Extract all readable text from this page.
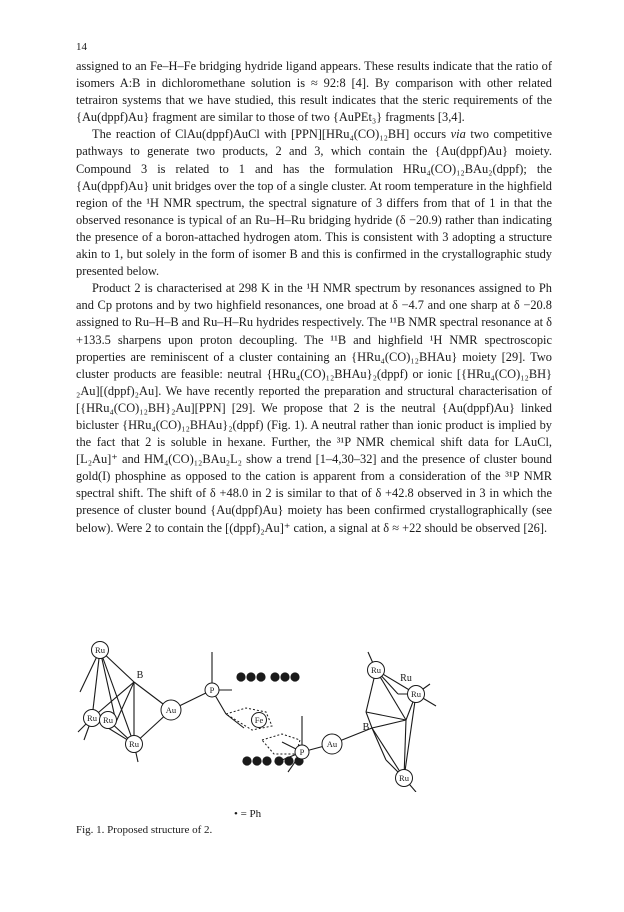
14

assigned to an Fe–H–Fe bridging hydride ligand appears. These results indicate that the ratio of isomers A:B in dichloromethane solution is ≈ 92:8 [4]. By comparison with other related tetrairon systems that we have studied, this result indicates that the steric requirements of the {Au(dppf)Au} fragment are similar to those of two {AuPEt₃} fragments [3,4].

The reaction of ClAu(dppf)AuCl with [PPN][HRu₄(CO)₁₂BH] occurs via two competitive pathways to generate two products, 2 and 3, which contain the {Au(dppf)Au} moiety. Compound 3 is related to 1 and has the formulation HRu₄(CO)₁₂BAu₂(dppf); the {Au(dppf)Au} unit bridges over the top of a single cluster. At room temperature in the highfield region of the ¹H NMR spectrum, the spectral signature of 3 differs from that of 1 in that the observed resonance is typical of an Ru–H–Ru bridging hydride (δ −20.9) rather than indicating the presence of a boron-attached hydrogen atom. This is consistent with 3 adopting a structure akin to 1, but solely in the form of isomer B and this is confirmed in the crystallographic study presented below.

Product 2 is characterised at 298 K in the ¹H NMR spectrum by resonances assigned to Ph and Cp protons and by two highfield resonances, one broad at δ −4.7 and one sharp at δ −20.8 assigned to Ru–H–B and Ru–H–Ru hydrides respectively. The ¹¹B NMR spectral resonance at δ +133.5 sharpens upon proton decoupling. The ¹¹B and highfield ¹H NMR spectroscopic properties are reminiscent of a cluster containing an {HRu₄(CO)₁₂BHAu} moiety [29]. Two cluster products are feasible: neutral {HRu₄(CO)₁₂BHAu}₂(dppf) or ionic [{HRu₄(CO)₁₂BH}₂Au][(dppf)₂Au]. We have recently reported the preparation and structural characterisation of [{HRu₄(CO)₁₂BH}₂Au][PPN] [29]. We propose that 2 is the neutral {Au(dppf)Au} linked bicluster {HRu₄(CO)₁₂BHAu}₂(dppf) (Fig. 1). A neutral rather than ionic product is implied by the fact that 2 is soluble in hexane. Further, the ³¹P NMR chemical shift data for LAuCl, [L₂Au]⁺ and HM₄(CO)₁₂BAu₂L₂ show a trend [1–4,30–32] and the presence of cluster bound gold(I) phosphine as opposed to the cation is apparent from a consideration of the ³¹P NMR spectral shift. The shift of δ +48.0 in 2 is similar to that of δ +42.8 observed in 3 in which the presence of cluster bound {Au(dppf)Au} moiety has been confirmed crystallographically (see below). Were 2 to contain the [(dppf)₂Au]⁺ cation, a signal at δ ≈ +22 should be observed [26].

Ru
Ru Ru
Ru
B
Au
P
Fe
P
Au
B
Ru
Ru
Ru
Ru
• = Ph
Fig. 1. Proposed structure of 2.
